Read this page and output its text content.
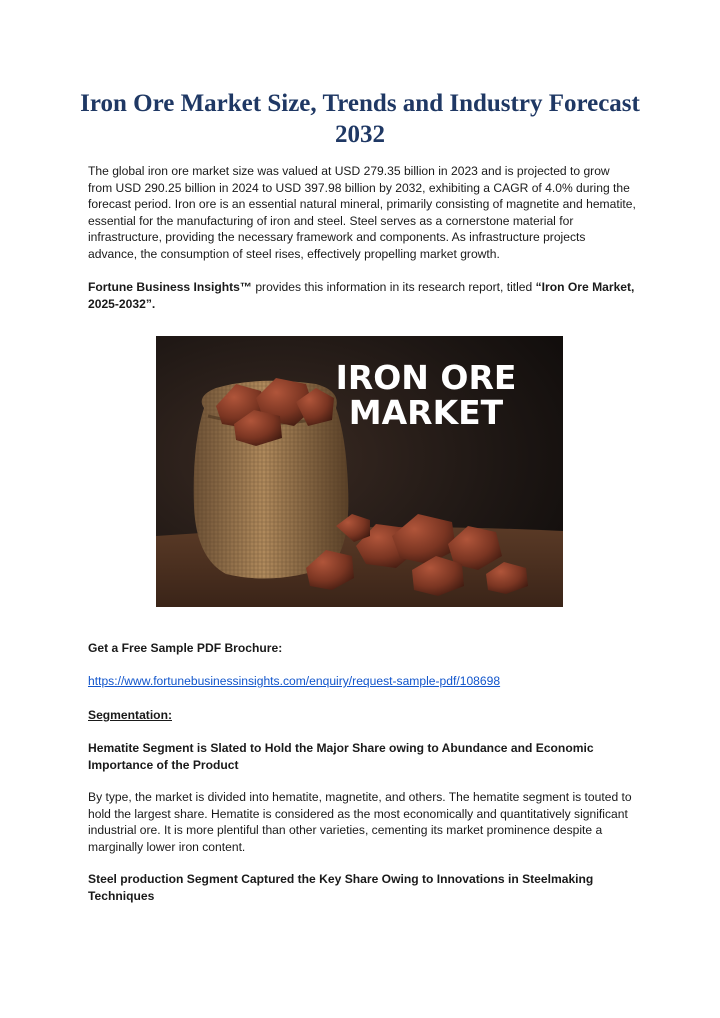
Iron Ore Market Size, Trends and Industry Forecast 2032

The global iron ore market size was valued at USD 279.35 billion in 2023 and is projected to grow from USD 290.25 billion in 2024 to USD 397.98 billion by 2032, exhibiting a CAGR of 4.0% during the forecast period. Iron ore is an essential natural mineral, primarily consisting of magnetite and hematite, essential for the manufacturing of iron and steel. Steel serves as a cornerstone material for infrastructure, providing the necessary framework and components. As infrastructure projects advance, the consumption of steel rises, effectively propelling market growth.

Fortune Business Insights™ provides this information in its research report, titled “Iron Ore Market, 2025-2032”.

IRON ORE
MARKET

Get a Free Sample PDF Brochure:

https://www.fortunebusinessinsights.com/enquiry/request-sample-pdf/108698

Segmentation:

Hematite Segment is Slated to Hold the Major Share owing to Abundance and Economic Importance of the Product

By type, the market is divided into hematite, magnetite, and others. The hematite segment is touted to hold the largest share. Hematite is considered as the most economically and quantitatively significant industrial ore. It is more plentiful than other varieties, cementing its market prominence despite a marginally lower iron content.

Steel production Segment Captured the Key Share Owing to Innovations in Steelmaking Techniques
